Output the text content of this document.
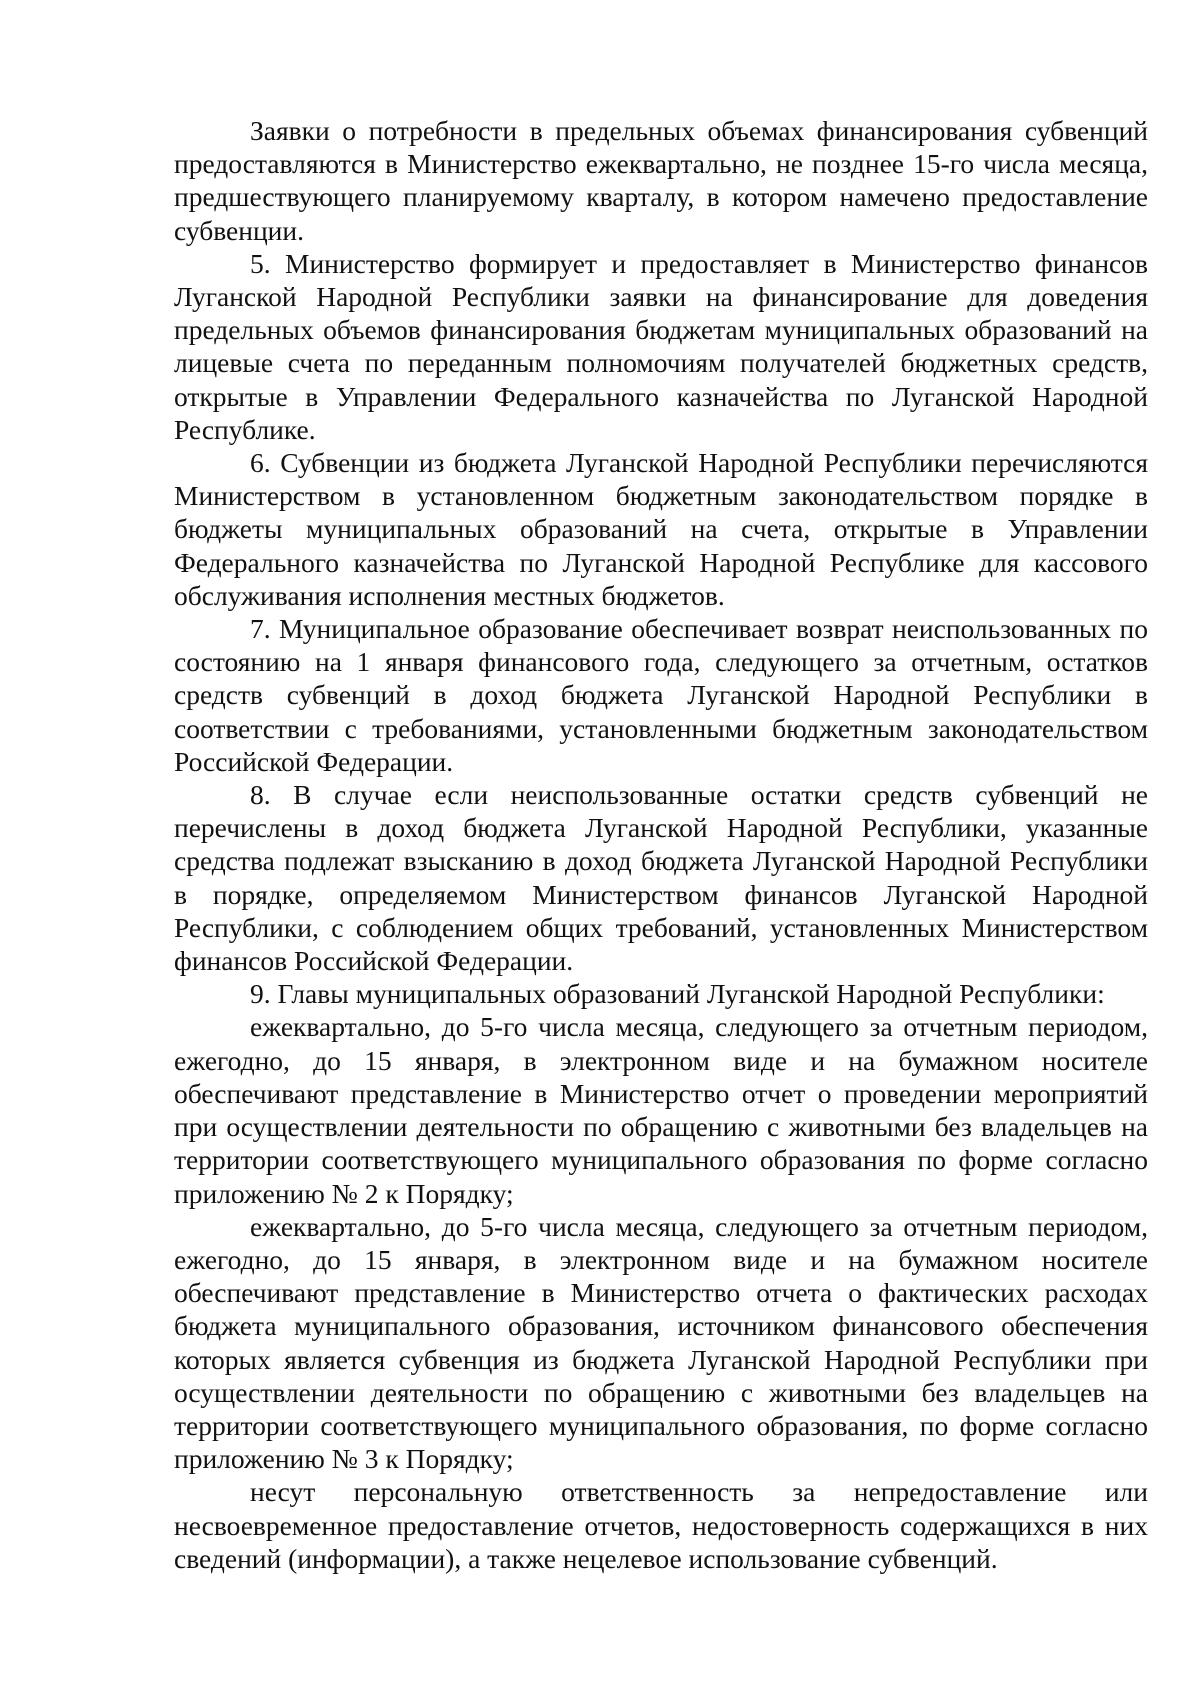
Заявки о потребности в предельных объемах финансирования субвенций предоставляются в Министерство ежеквартально, не позднее 15-го числа месяца, предшествующего планируемому кварталу, в котором намечено предоставление субвенции.

5. Министерство формирует и предоставляет в Министерство финансов Луганской Народной Республики заявки на финансирование для доведения предельных объемов финансирования бюджетам муниципальных образований на лицевые счета по переданным полномочиям получателей бюджетных средств, открытые в Управлении Федерального казначейства по Луганской Народной Республике.

6. Субвенции из бюджета Луганской Народной Республики перечисляются Министерством в установленном бюджетным законодательством порядке в бюджеты муниципальных образований на счета, открытые в Управлении Федерального казначейства по Луганской Народной Республике для кассового обслуживания исполнения местных бюджетов.

7. Муниципальное образование обеспечивает возврат неиспользованных по состоянию на 1 января финансового года, следующего за отчетным, остатков средств субвенций в доход бюджета Луганской Народной Республики в соответствии с требованиями, установленными бюджетным законодательством Российской Федерации.

8. В случае если неиспользованные остатки средств субвенций не перечислены в доход бюджета Луганской Народной Республики, указанные средства подлежат взысканию в доход бюджета Луганской Народной Республики в порядке, определяемом Министерством финансов Луганской Народной Республики, с соблюдением общих требований, установленных Министерством финансов Российской Федерации.

9. Главы муниципальных образований Луганской Народной Республики:

ежеквартально, до 5-го числа месяца, следующего за отчетным периодом, ежегодно, до 15 января, в электронном виде и на бумажном носителе обеспечивают представление в Министерство отчет о проведении мероприятий при осуществлении деятельности по обращению с животными без владельцев на территории соответствующего муниципального образования по форме согласно приложению № 2 к Порядку;

ежеквартально, до 5-го числа месяца, следующего за отчетным периодом, ежегодно, до 15 января, в электронном виде и на бумажном носителе обеспечивают представление в Министерство отчета о фактических расходах бюджета муниципального образования, источником финансового обеспечения которых является субвенция из бюджета Луганской Народной Республики при осуществлении деятельности по обращению с животными без владельцев на территории соответствующего муниципального образования, по форме согласно приложению № 3 к Порядку;

несут персональную ответственность за непредоставление или несвоевременное предоставление отчетов, недостоверность содержащихся в них сведений (информации), а также нецелевое использование субвенций.
